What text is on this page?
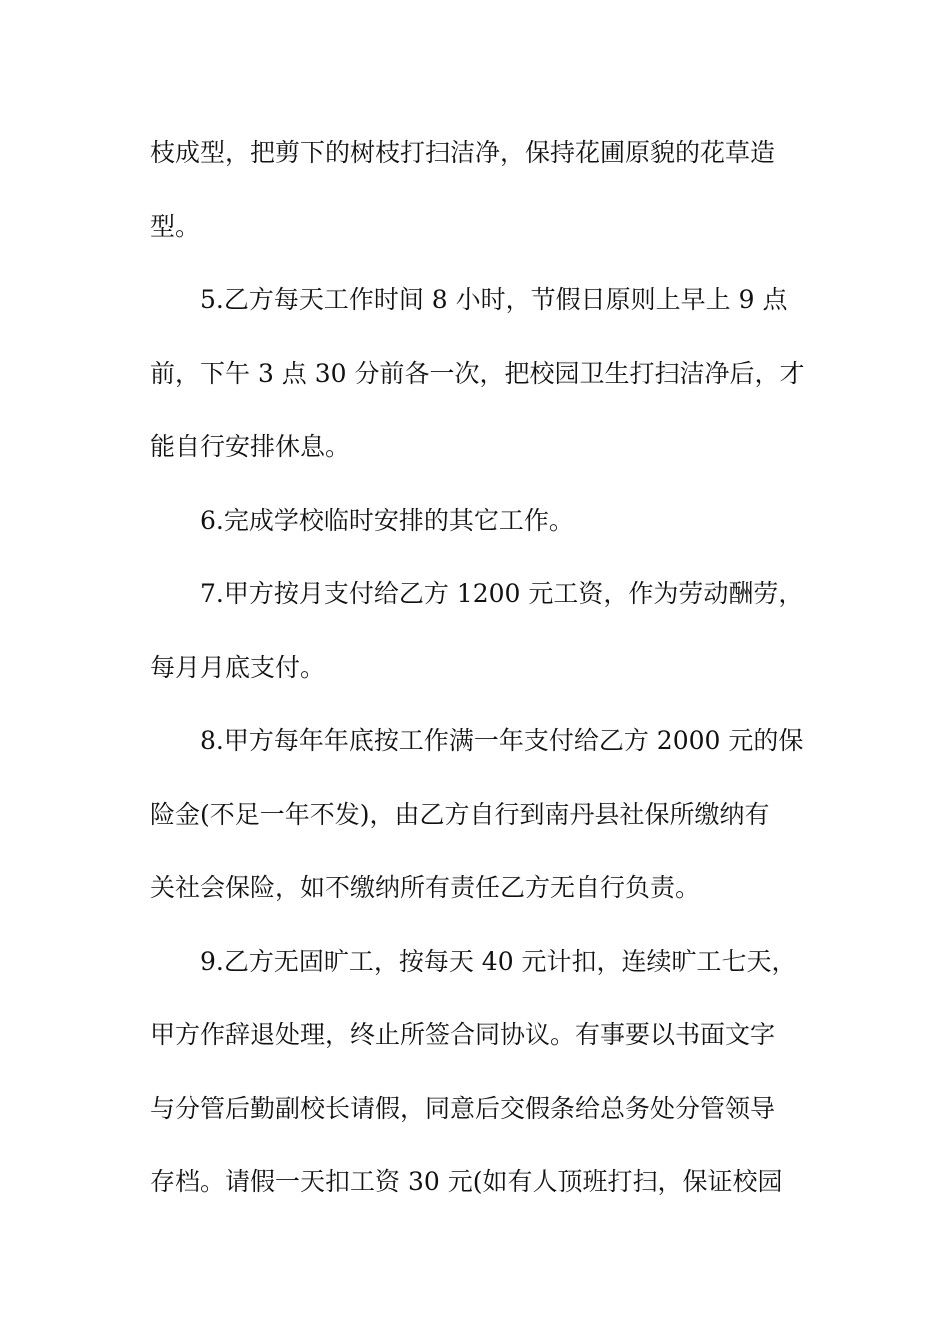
枝成型，把剪下的树枝打扫洁净，保持花圃原貌的花草造
型。
5.乙方每天工作时间 8 小时，节假日原则上早上 9 点
前，下午 3 点 30 分前各一次，把校园卫生打扫洁净后，才
能自行安排休息。
6.完成学校临时安排的其它工作。
7.甲方按月支付给乙方 1200 元工资，作为劳动酬劳，
每月月底支付。
8.甲方每年年底按工作满一年支付给乙方 2000 元的保
险金(不足一年不发)，由乙方自行到南丹县社保所缴纳有
关社会保险，如不缴纳所有责任乙方无自行负责。
9.乙方无固旷工，按每天 40 元计扣，连续旷工七天，
甲方作辞退处理，终止所签合同协议。有事要以书面文字
与分管后勤副校长请假，同意后交假条给总务处分管领导
存档。请假一天扣工资 30 元(如有人顶班打扫，保证校园
